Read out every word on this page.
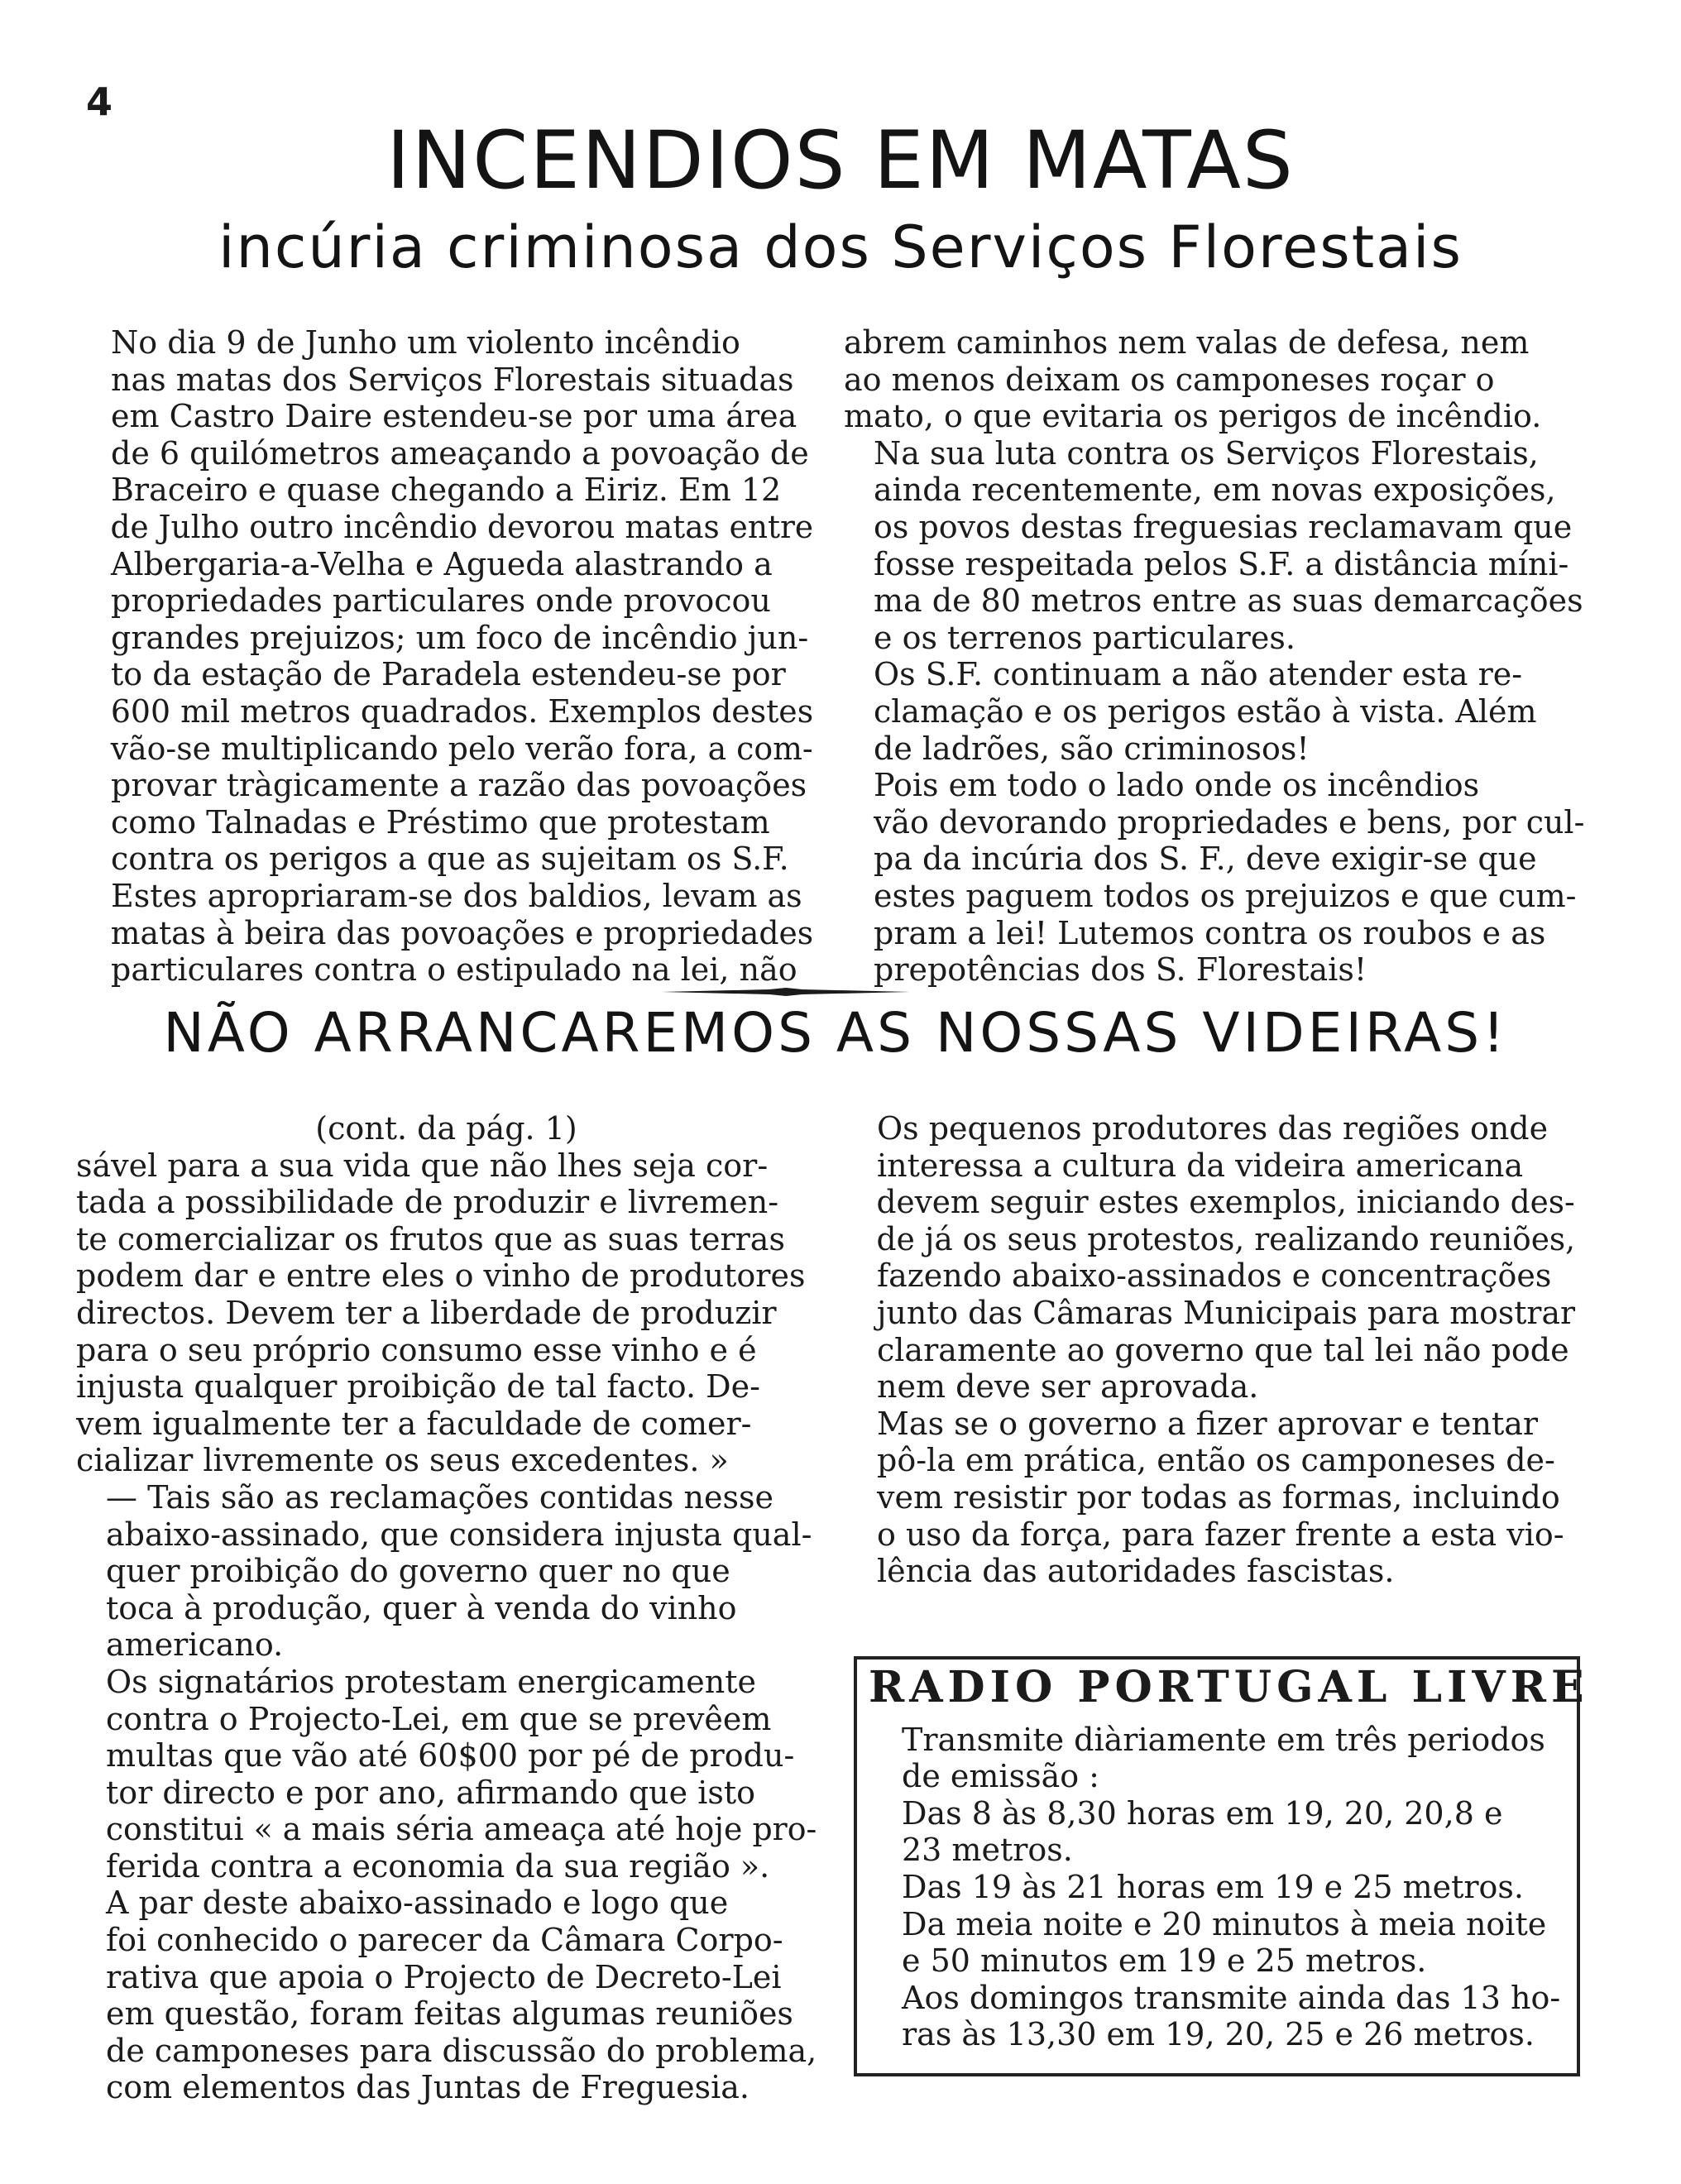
4
INCENDIOS EM MATAS
incúria criminosa dos Serviços Florestais

No dia 9 de Junho um violento incêndio
nas matas dos Serviços Florestais situadas
em Castro Daire estendeu-se por uma área
de 6 quilómetros ameaçando a povoação de
Braceiro e quase chegando a Eiriz. Em 12
de Julho outro incêndio devorou matas entre
Albergaria-a-Velha e Agueda alastrando a
propriedades particulares onde provocou
grandes prejuizos; um foco de incêndio jun-
to da estação de Paradela estendeu-se por
600 mil metros quadrados. Exemplos destes
vão-se multiplicando pelo verão fora, a com-
provar tràgicamente a razão das povoações
como Talnadas e Préstimo que protestam
contra os perigos a que as sujeitam os S.F.
Estes apropriaram-se dos baldios, levam as
matas à beira das povoações e propriedades
particulares contra o estipulado na lei, não

abrem caminhos nem valas de defesa, nem
ao menos deixam os camponeses roçar o
mato, o que evitaria os perigos de incêndio.

Na sua luta contra os Serviços Florestais,
ainda recentemente, em novas exposições,
os povos destas freguesias reclamavam que
fosse respeitada pelos S.F. a distância míni-
ma de 80 metros entre as suas demarcações
e os terrenos particulares.

Os S.F. continuam a não atender esta re-
clamação e os perigos estão à vista. Além
de ladrões, são criminosos!

Pois em todo o lado onde os incêndios
vão devorando propriedades e bens, por cul-
pa da incúria dos S. F., deve exigir-se que
estes paguem todos os prejuizos e que cum-
pram a lei! Lutemos contra os roubos e as
prepotências dos S. Florestais!

NÃO ARRANCAREMOS AS NOSSAS VIDEIRAS!
(cont. da pág. 1)

sável para a sua vida que não lhes seja cor-
tada a possibilidade de produzir e livremen-
te comercializar os frutos que as suas terras
podem dar e entre eles o vinho de produtores
directos. Devem ter a liberdade de produzir
para o seu próprio consumo esse vinho e é
injusta qualquer proibição de tal facto. De-
vem igualmente ter a faculdade de comer-
cializar livremente os seus excedentes. »

— Tais são as reclamações contidas nesse
abaixo-assinado, que considera injusta qual-
quer proibição do governo quer no que
toca à produção, quer à venda do vinho
americano.

Os signatários protestam energicamente
contra o Projecto-Lei, em que se prevêem
multas que vão até 60$00 por pé de produ-
tor directo e por ano, afirmando que isto
constitui « a mais séria ameaça até hoje pro-
ferida contra a economia da sua região ».

A par deste abaixo-assinado e logo que
foi conhecido o parecer da Câmara Corpo-
rativa que apoia o Projecto de Decreto-Lei
em questão, foram feitas algumas reuniões
de camponeses para discussão do problema,
com elementos das Juntas de Freguesia.

Os pequenos produtores das regiões onde
interessa a cultura da videira americana
devem seguir estes exemplos, iniciando des-
de já os seus protestos, realizando reuniões,
fazendo abaixo-assinados e concentrações
junto das Câmaras Municipais para mostrar
claramente ao governo que tal lei não pode
nem deve ser aprovada.

Mas se o governo a fizer aprovar e tentar
pô-la em prática, então os camponeses de-
vem resistir por todas as formas, incluindo
o uso da força, para fazer frente a esta vio-
lência das autoridades fascistas.

RADIO PORTUGAL LIVRE

Transmite diàriamente em três periodos
de emissão :

Das 8 às 8,30 horas em 19, 20, 20,8 e
23 metros.

Das 19 às 21 horas em 19 e 25 metros.

Da meia noite e 20 minutos à meia noite
e 50 minutos em 19 e 25 metros.

Aos domingos transmite ainda das 13 ho-
ras às 13,30 em 19, 20, 25 e 26 metros.
